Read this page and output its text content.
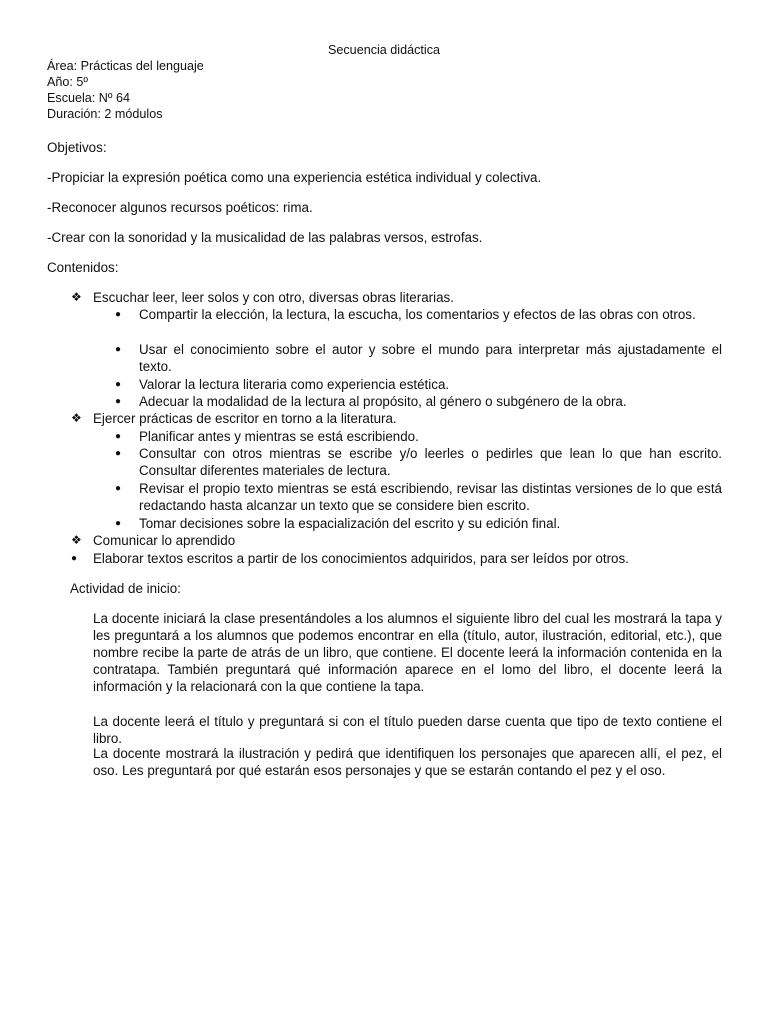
Secuencia didáctica

Área: Prácticas del lenguaje
Año: 5º
Escuela: Nº 64
Duración: 2 módulos

Objetivos:

-Propiciar la expresión poética como una experiencia estética individual y colectiva.

-Reconocer algunos recursos poéticos: rima.

-Crear con la sonoridad y la musicalidad de las palabras versos, estrofas.

Contenidos:

❖ Escuchar leer, leer solos y con otro, diversas obras literarias.
● Compartir la elección, la lectura, la escucha, los comentarios y efectos de las obras con otros.
● Usar el conocimiento sobre el autor y sobre el mundo para interpretar más ajustadamente el texto.
● Valorar la lectura literaria como experiencia estética.
● Adecuar la modalidad de la lectura al propósito, al género o subgénero de la obra.
❖ Ejercer prácticas de escritor en torno a la literatura.
● Planificar antes y mientras se está escribiendo.
● Consultar con otros mientras se escribe y/o leerles o pedirles que lean lo que han escrito. Consultar diferentes materiales de lectura.
● Revisar el propio texto mientras se está escribiendo, revisar las distintas versiones de lo que está redactando hasta alcanzar un texto que se considere bien escrito.
● Tomar decisiones sobre la espacialización del escrito y su edición final.
❖ Comunicar lo aprendido
●	Elaborar textos escritos a partir de los conocimientos adquiridos, para ser leídos por otros.

Actividad de inicio:

La docente iniciará la clase presentándoles a los alumnos el siguiente libro del cual les mostrará la tapa y les preguntará a los alumnos que podemos encontrar en ella (título, autor, ilustración, editorial, etc.), que nombre recibe la parte de atrás de un libro, que contiene. El docente leerá la información contenida en la contratapa. También preguntará qué información aparece en el lomo del libro, el docente leerá la información y la relacionará con la que contiene la tapa.

La docente leerá el título y preguntará si con el título pueden darse cuenta que tipo de texto contiene el libro.

La docente mostrará la ilustración y pedirá que identifiquen los personajes que aparecen allí, el pez, el oso. Les preguntará por qué estarán esos personajes y que se estarán contando el pez y el oso.
